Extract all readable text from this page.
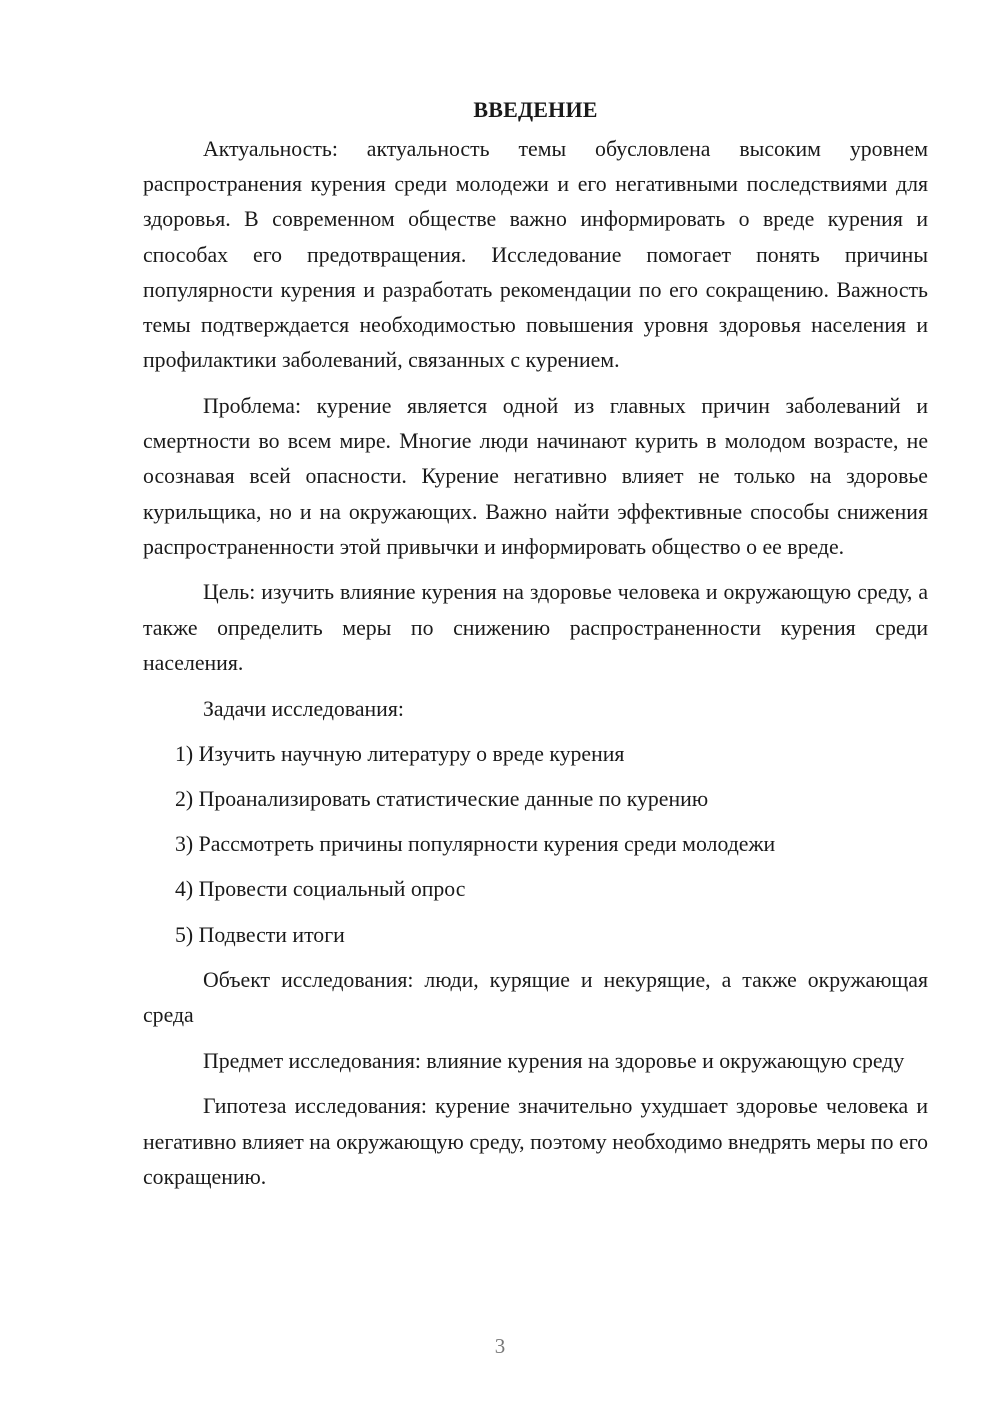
ВВЕДЕНИЕ

Актуальность: актуальность темы обусловлена высоким уровнем распространения курения среди молодежи и его негативными последствиями для здоровья. В современном обществе важно информировать о вреде курения и способах его предотвращения. Исследование помогает понять причины популярности курения и разработать рекомендации по его сокращению. Важность темы подтверждается необходимостью повышения уровня здоровья населения и профилактики заболеваний, связанных с курением.

Проблема: курение является одной из главных причин заболеваний и смертности во всем мире. Многие люди начинают курить в молодом возрасте, не осознавая всей опасности. Курение негативно влияет не только на здоровье курильщика, но и на окружающих. Важно найти эффективные способы снижения распространенности этой привычки и информировать общество о ее вреде.

Цель: изучить влияние курения на здоровье человека и окружающую среду, а также определить меры по снижению распространенности курения среди населения.

Задачи исследования:

1) Изучить научную литературу о вреде курения
2) Проанализировать статистические данные по курению
3) Рассмотреть причины популярности курения среди молодежи
4) Провести социальный опрос
5) Подвести итоги

Объект исследования: люди, курящие и некурящие, а также окружающая среда

Предмет исследования: влияние курения на здоровье и окружающую среду

Гипотеза исследования: курение значительно ухудшает здоровье человека и негативно влияет на окружающую среду, поэтому необходимо внедрять меры по его сокращению.

3
